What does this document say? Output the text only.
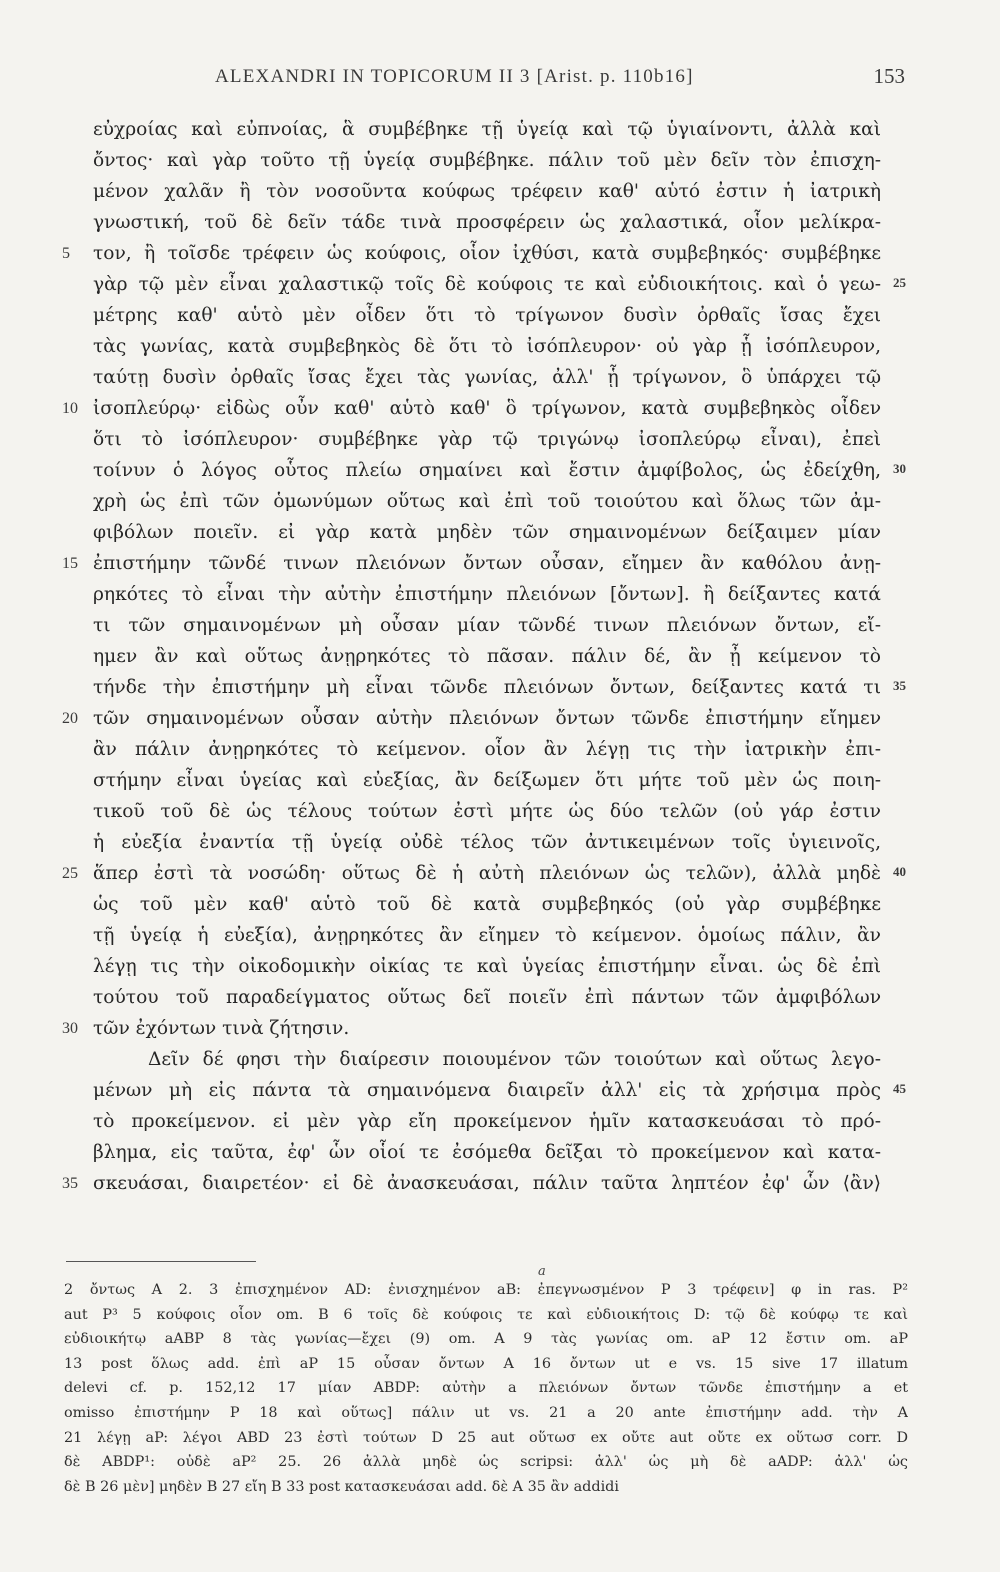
ALEXANDRI IN TOPICORUM II 3 [Arist. p. 110b16]	153
εὐχροίας καὶ εὐπνοίας, ἃ συμβέβηκε τῇ ὑγείᾳ καὶ τῷ ὑγιαίνοντι, ἀλλὰ καὶ
ὄντος· καὶ γὰρ τοῦτο τῇ ὑγείᾳ συμβέβηκε. πάλιν τοῦ μὲν δεῖν τὸν ἐπισχη-
μένον χαλᾶν ἢ τὸν νοσοῦντα κούφως τρέφειν καθ' αὑτό ἐστιν ἡ ἰατρικὴ
γνωστική, τοῦ δὲ δεῖν τάδε τινὰ προσφέρειν ὡς χαλαστικά, οἷον μελίκρα-
5	τον, ἢ τοῖσδε τρέφειν ὡς κούφοις, οἷον ἰχθύσι, κατὰ συμβεβηκός· συμβέβηκε
γὰρ τῷ μὲν εἶναι χαλαστικῷ τοῖς δὲ κούφοις τε καὶ εὐδιοικήτοις. καὶ ὁ γεω- 25
μέτρης καθ' αὑτὸ μὲν οἶδεν ὅτι τὸ τρίγωνον δυσὶν ὀρθαῖς ἴσας ἔχει
τὰς γωνίας, κατὰ συμβεβηκὸς δὲ ὅτι τὸ ἰσόπλευρον· οὐ γὰρ ᾗ ἰσόπλευρον,
ταύτῃ δυσὶν ὀρθαῖς ἴσας ἔχει τὰς γωνίας, ἀλλ' ᾗ τρίγωνον, ὃ ὑπάρχει τῷ
10 ἰσοπλεύρῳ· εἰδὼς οὖν καθ' αὑτὸ καθ' ὃ τρίγωνον, κατὰ συμβεβηκὸς οἶδεν
ὅτι τὸ ἰσόπλευρον· συμβέβηκε γὰρ τῷ τριγώνῳ ἰσοπλεύρῳ εἶναι), ἐπεὶ
τοίνυν ὁ λόγος οὗτος πλείω σημαίνει καὶ ἔστιν ἀμφίβολος, ὡς ἐδείχθη, 30
χρὴ ὡς ἐπὶ τῶν ὁμωνύμων οὕτως καὶ ἐπὶ τοῦ τοιούτου καὶ ὅλως τῶν ἀμ-
φιβόλων ποιεῖν. εἰ γὰρ κατὰ μηδὲν τῶν σημαινομένων δείξαιμεν μίαν
15 ἐπιστήμην τῶνδέ τινων πλειόνων ὄντων οὖσαν, εἴημεν ἂν καθόλου ἀνῃ-
ρηκότες τὸ εἶναι τὴν αὐτὴν ἐπιστήμην πλειόνων [ὄντων]. ἢ δείξαντες κατά
τι τῶν σημαινομένων μὴ οὖσαν μίαν τῶνδέ τινων πλειόνων ὄντων, εἴ-
ημεν ἂν καὶ οὕτως ἀνῃρηκότες τὸ πᾶσαν. πάλιν δέ, ἂν ᾖ κείμενον τὸ
τήνδε τὴν ἐπιστήμην μὴ εἶναι τῶνδε πλειόνων ὄντων, δείξαντες κατά τι 35
20 τῶν σημαινομένων οὖσαν αὐτὴν πλειόνων ὄντων τῶνδε ἐπιστήμην εἴημεν
ἂν πάλιν ἀνῃρηκότες τὸ κείμενον. οἷον ἂν λέγῃ τις τὴν ἰατρικὴν ἐπι-
στήμην εἶναι ὑγείας καὶ εὐεξίας, ἂν δείξωμεν ὅτι μήτε τοῦ μὲν ὡς ποιη-
τικοῦ τοῦ δὲ ὡς τέλους τούτων ἐστὶ μήτε ὡς δύο τελῶν (οὐ γάρ ἐστιν
ἡ εὐεξία ἐναντία τῇ ὑγείᾳ οὐδὲ τέλος τῶν ἀντικειμένων τοῖς ὑγιεινοῖς,
25 ἅπερ ἐστὶ τὰ νοσώδη· οὕτως δὲ ἡ αὐτὴ πλειόνων ὡς τελῶν), ἀλλὰ μηδὲ 40
ὡς τοῦ μὲν καθ' αὑτὸ τοῦ δὲ κατὰ συμβεβηκός (οὐ γὰρ συμβέβηκε
τῇ ὑγείᾳ ἡ εὐεξία), ἀνῃρηκότες ἂν εἴημεν τὸ κείμενον. ὁμοίως πάλιν, ἂν
λέγῃ τις τὴν οἰκοδομικὴν οἰκίας τε καὶ ὑγείας ἐπιστήμην εἶναι. ὡς δὲ ἐπὶ
τούτου τοῦ παραδείγματος οὕτως δεῖ ποιεῖν ἐπὶ πάντων τῶν ἀμφιβόλων
30 τῶν ἐχόντων τινὰ ζήτησιν.
Δεῖν δέ φησι τὴν διαίρεσιν ποιουμένον τῶν τοιούτων καὶ οὕτως λεγο-
μένων μὴ εἰς πάντα τὰ σημαινόμενα διαιρεῖν ἀλλ' εἰς τὰ χρήσιμα πρὸς 45
τὸ προκείμενον. εἰ μὲν γὰρ εἴη προκείμενον ἡμῖν κατασκευάσαι τὸ πρό-
βλημα, εἰς ταῦτα, ἐφ' ὧν οἷοί τε ἐσόμεθα δεῖξαι τὸ προκείμενον καὶ κατα-
35 σκευάσαι, διαιρετέον· εἰ δὲ ἀνασκευάσαι, πάλιν ταῦτα ληπτέον ἐφ' ὧν ⟨ἂν⟩
a
2 ὄντως A 2. 3 ἐπισχημένον AD: ἐνισχημένον aB: ἐπεγνωσμένον P 3 τρέφειν] φ in ras. P²
aut P³ 5 κούφοις οἷον om. B 6 τοῖς δὲ κούφοις τε καὶ εὐδιοικήτοις D: τῷ δὲ κούφῳ τε καὶ
εὐδιοικήτῳ aABP 8 τὰς γωνίας—ἔχει (9) om. A 9 τὰς γωνίας om. aP 12 ἔστιν om. aP
13 post ὅλως add. ἐπὶ aP 15 οὖσαν ὄντων A 16 ὄντων ut e vs. 15 sive 17 illatum
delevi cf. p. 152,12 17 μίαν ABDP: αὐτὴν a πλειόνων ὄντων τῶνδε ἐπιστήμην a et
omisso ἐπιστήμην P 18 καὶ οὕτως] πάλιν ut vs. 21 a 20 ante ἐπιστήμην add. τὴν A
21 λέγῃ aP: λέγοι ABD 23 ἐστὶ τούτων D 25 aut οὕτωσ ex οὔτε aut οὔτε ex οὕτωσ corr. D
δὲ ABDP¹: οὐδὲ aP² 25. 26 ἀλλὰ μηδὲ ὡς scripsi: ἀλλ' ὡς μὴ δὲ aADP: ἀλλ' ὡς
δὲ B 26 μὲν] μηδὲν B 27 εἴη B 33 post κατασκευάσαι add. δὲ A 35 ἂν addidi
